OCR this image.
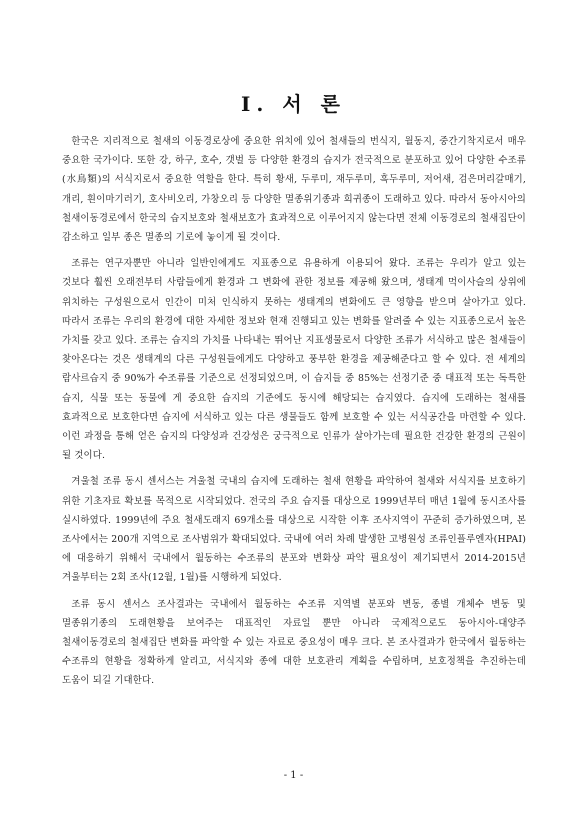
Ⅰ. 서 론

한국은 지리적으로 철새의 이동경로상에 중요한 위치에 있어 철새들의 번식지, 월동지, 중간기착지로서 매우 중요한 국가이다. 또한 강, 하구, 호수, 갯벌 등 다양한 환경의 습지가 전국적으로 분포하고 있어 다양한 수조류(水鳥類)의 서식지로서 중요한 역할을 한다. 특히 황새, 두루미, 재두루미, 흑두루미, 저어새, 검은머리갈매기, 개리, 흰이마기러기, 호사비오리, 가창오리 등 다양한 멸종위기종과 희귀종이 도래하고 있다. 따라서 동아시아의 철새이동경로에서 한국의 습지보호와 철새보호가 효과적으로 이루어지지 않는다면 전체 이동경로의 철새집단이 감소하고 일부 종은 멸종의 기로에 놓이게 될 것이다.

조류는 연구자뿐만 아니라 일반인에게도 지표종으로 유용하게 이용되어 왔다. 조류는 우리가 알고 있는 것보다 훨씬 오래전부터 사람들에게 환경과 그 변화에 관한 정보를 제공해 왔으며, 생태계 먹이사슬의 상위에 위치하는 구성원으로서 인간이 미처 인식하지 못하는 생태계의 변화에도 큰 영향을 받으며 살아가고 있다. 따라서 조류는 우리의 환경에 대한 자세한 정보와 현재 진행되고 있는 변화를 알려줄 수 있는 지표종으로서 높은 가치를 갖고 있다. 조류는 습지의 가치를 나타내는 뛰어난 지표생물로서 다양한 조류가 서식하고 많은 철새들이 찾아온다는 것은 생태계의 다른 구성원들에게도 다양하고 풍부한 환경을 제공해준다고 할 수 있다. 전 세계의 람사르습지 중 90%가 수조류를 기준으로 선정되었으며, 이 습지들 중 85%는 선정기준 중 대표적 또는 독특한 습지, 식물 또는 동물에 게 중요한 습지의 기준에도 동시에 해당되는 습지였다. 습지에 도래하는 철새를 효과적으로 보호한다면 습지에 서식하고 있는 다른 생물들도 함께 보호할 수 있는 서식공간을 마련할 수 있다. 이런 과정을 통해 얻은 습지의 다양성과 건강성은 궁극적으로 인류가 살아가는데 필요한 건강한 환경의 근원이 될 것이다.

겨울철 조류 동시 센서스는 겨울철 국내의 습지에 도래하는 철새 현황을 파악하여 철새와 서식지를 보호하기 위한 기초자료 확보를 목적으로 시작되었다. 전국의 주요 습지를 대상으로 1999년부터 매년 1월에 동시조사를 실시하였다. 1999년에 주요 철새도래지 69개소를 대상으로 시작한 이후 조사지역이 꾸준히 증가하였으며, 본 조사에서는 200개 지역으로 조사범위가 확대되었다. 국내에 여러 차례 발생한 고병원성 조류인플루엔자(HPAI)에 대응하기 위해서 국내에서 월동하는 수조류의 분포와 변화상 파악 필요성이 제기되면서 2014-2015년 겨울부터는 2회 조사(12월, 1월)를 시행하게 되었다.

조류 동시 센서스 조사결과는 국내에서 월동하는 수조류 지역별 분포와 변동, 종별 개체수 변동 및 멸종위기종의 도래현황을 보여주는 대표적인 자료일 뿐만 아니라 국제적으로도 동아시아-대양주 철새이동경로의 철새집단 변화를 파악할 수 있는 자료로 중요성이 매우 크다. 본 조사결과가 한국에서 월동하는 수조류의 현황을 정확하게 알리고, 서식지와 종에 대한 보호관리 계획을 수립하며, 보호정책을 추진하는데 도움이 되길 기대한다.

- 1 -
